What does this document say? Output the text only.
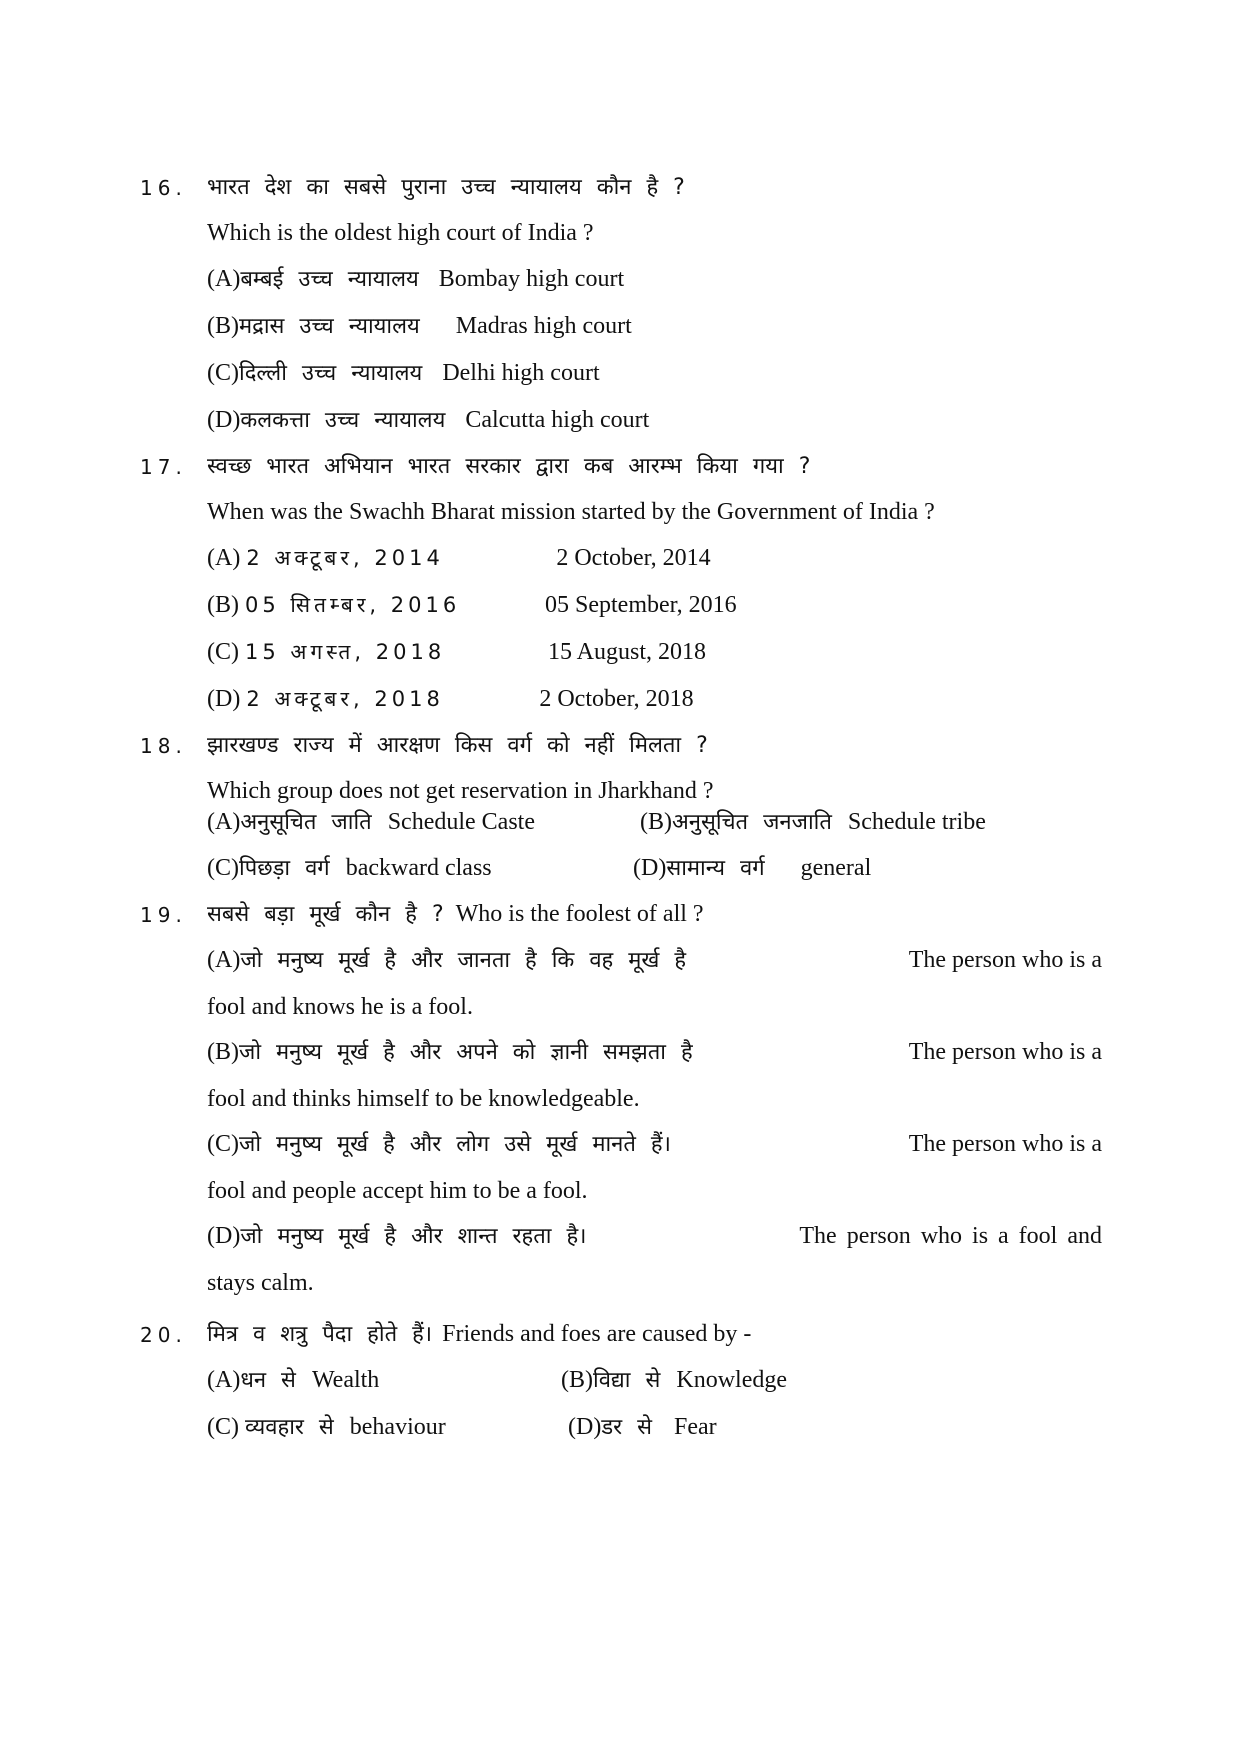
16. भारत देश का सबसे पुराना उच्च न्यायालय कौन है ?
Which is the oldest high court of India ?
(A)बम्बई उच्च न्यायालय Bombay high court
(B)मद्रास उच्च न्यायालय Madras high court
(C)दिल्ली उच्च न्यायालय Delhi high court
(D)कलकत्ता उच्च न्यायालय Calcutta high court
17. स्वच्छ भारत अभियान भारत सरकार द्वारा कब आरम्भ किया गया ?
When was the Swachh Bharat mission started by the Government of India ?
(A) 2 अक्टूबर, 2014	2 October, 2014
(B) 05 सितम्बर, 2016	05 September, 2016
(C) 15 अगस्त, 2018	15 August, 2018
(D) 2 अक्टूबर, 2018	2 October, 2018
18. झारखण्ड राज्य में आरक्षण किस वर्ग को नहीं मिलता ?
Which group does not get reservation in Jharkhand ?
(A)अनुसूचित जाति Schedule Caste	(B)अनुसूचित जनजाति Schedule tribe
(C)पिछड़ा वर्ग backward class	(D)सामान्य वर्ग general
19. सबसे बड़ा मूर्ख कौन है ? Who is the foolest of all ?
(A)जो मनुष्य मूर्ख है और जानता है कि वह मूर्ख है	The person who is a
fool and knows he is a fool.
(B)जो मनुष्य मूर्ख है और अपने को ज्ञानी समझता है	The person who is a
fool and thinks himself to be knowledgeable.
(C)जो मनुष्य मूर्ख है और लोग उसे मूर्ख मानते हैं।	The person who is a
fool and people accept him to be a fool.
(D)जो मनुष्य मूर्ख है और शान्त रहता है।	The person who is a fool and
stays calm.
20. मित्र व शत्रु पैदा होते हैं। Friends and foes are caused by -
(A)धन से Wealth	(B)विद्या से Knowledge
(C) व्यवहार से behaviour	(D)डर से Fear
